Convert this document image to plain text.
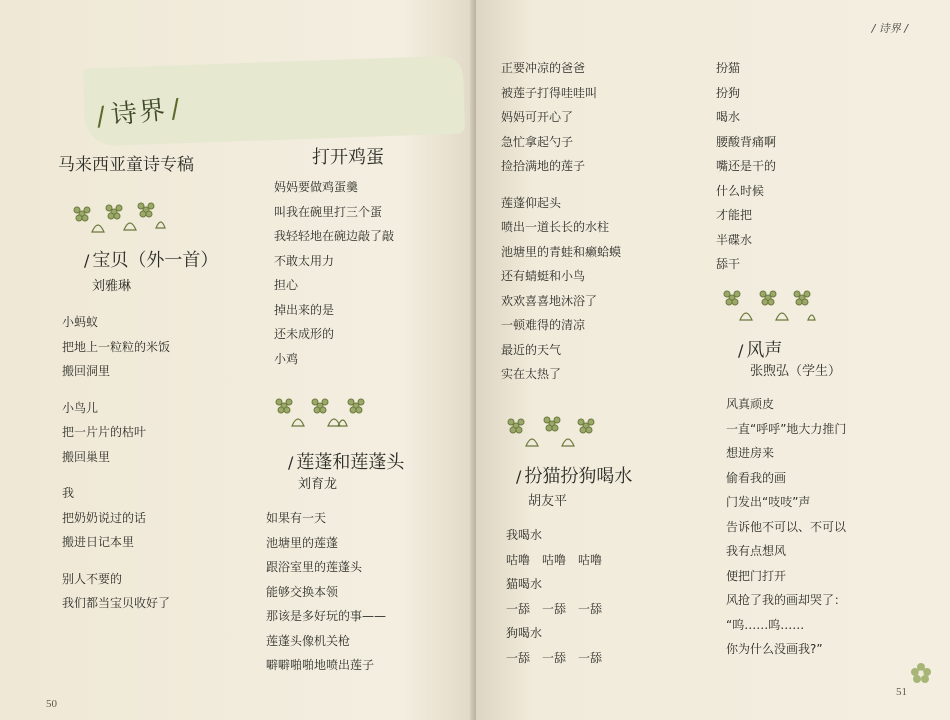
/诗界/
马来西亚童诗专稿
/ 宝贝（外一首）
刘雅琳
小蚂蚁
把地上一粒粒的米饭
搬回洞里
小鸟儿
把一片片的枯叶
搬回巢里
我
把奶奶说过的话
搬进日记本里
别人不要的
我们都当宝贝收好了
打开鸡蛋
妈妈要做鸡蛋羹
叫我在碗里打三个蛋
我轻轻地在碗边敲了敲
不敢太用力
担心
掉出来的是
还未成形的
小鸡
/ 莲蓬和莲蓬头
刘育龙
如果有一天
池塘里的莲蓬
跟浴室里的莲蓬头
能够交换本领
那该是多好玩的事——
莲蓬头像机关枪
噼噼啪啪地喷出莲子
50
/ 诗界 /
正要冲凉的爸爸
被莲子打得哇哇叫
妈妈可开心了
急忙拿起勺子
捡拾满地的莲子
莲蓬仰起头
喷出一道长长的水柱
池塘里的青蛙和癞蛤蟆
还有蜻蜓和小鸟
欢欢喜喜地沐浴了
一顿难得的清凉
最近的天气
实在太热了
/ 扮猫扮狗喝水
胡友平
我喝水
咕噜　咕噜　咕噜
猫喝水
一舔　一舔　一舔
狗喝水
一舔　一舔　一舔
扮猫
扮狗
喝水
腰酸背痛啊
嘴还是干的
什么时候
才能把
半碟水
舔干
/ 风声
张煦弘（学生）
风真顽皮
一直“呼呼”地大力推门
想进房来
偷看我的画
门发出“吱吱”声
告诉他不可以、不可以
我有点想风
便把门打开
风抢了我的画却哭了：
“呜……呜……
你为什么没画我?”
51
